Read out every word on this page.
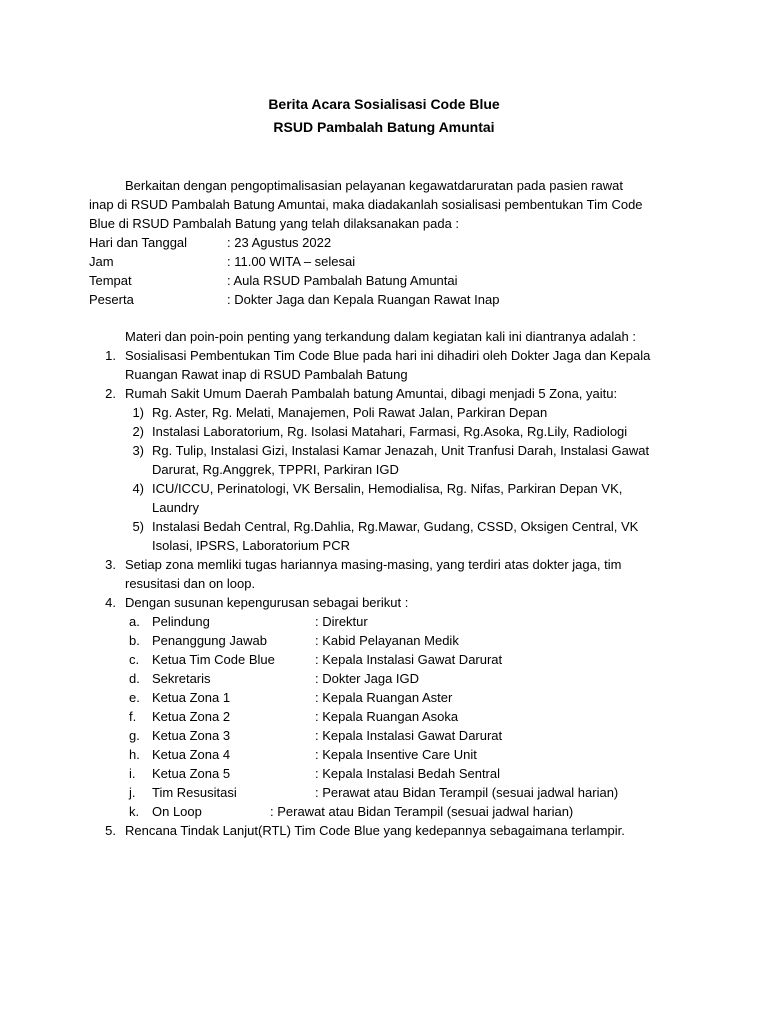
Berita Acara Sosialisasi Code Blue
RSUD Pambalah Batung Amuntai
Berkaitan dengan pengoptimalisasian pelayanan kegawatdaruratan pada pasien rawat
inap di RSUD Pambalah Batung Amuntai, maka diadakanlah sosialisasi pembentukan Tim Code
Blue di RSUD Pambalah Batung yang telah dilaksanakan pada :
Hari dan Tanggal	: 23 Agustus 2022
Jam	: 11.00 WITA – selesai
Tempat	: Aula RSUD Pambalah Batung Amuntai
Peserta	: Dokter Jaga dan Kepala Ruangan Rawat Inap
Materi dan poin-poin penting yang terkandung dalam kegiatan kali ini diantranya adalah :
1. Sosialisasi Pembentukan Tim Code Blue pada hari ini dihadiri oleh Dokter Jaga dan Kepala
Ruangan Rawat inap di RSUD Pambalah Batung
2. Rumah Sakit Umum Daerah Pambalah batung Amuntai, dibagi menjadi 5 Zona, yaitu:
1) Rg. Aster, Rg. Melati, Manajemen, Poli Rawat Jalan, Parkiran Depan
2) Instalasi Laboratorium, Rg. Isolasi Matahari, Farmasi, Rg.Asoka, Rg.Lily, Radiologi
3) Rg. Tulip, Instalasi Gizi, Instalasi Kamar Jenazah, Unit Tranfusi Darah, Instalasi Gawat
Darurat, Rg.Anggrek, TPPRI, Parkiran IGD
4) ICU/ICCU, Perinatologi, VK Bersalin, Hemodialisa, Rg. Nifas, Parkiran Depan VK,
Laundry
5) Instalasi Bedah Central, Rg.Dahlia, Rg.Mawar, Gudang, CSSD, Oksigen Central, VK
Isolasi, IPSRS, Laboratorium PCR
3. Setiap zona memliki tugas hariannya masing-masing, yang terdiri atas dokter jaga, tim
resusitasi dan on loop.
4. Dengan susunan kepengurusan sebagai berikut :
a. Pelindung	: Direktur
b. Penanggung Jawab	: Kabid Pelayanan Medik
c. Ketua Tim Code Blue	: Kepala Instalasi Gawat Darurat
d. Sekretaris	: Dokter Jaga IGD
e. Ketua Zona 1	: Kepala Ruangan Aster
f. Ketua Zona 2	: Kepala Ruangan Asoka
g. Ketua Zona 3	: Kepala Instalasi Gawat Darurat
h. Ketua Zona 4	: Kepala Insentive Care Unit
i. Ketua Zona 5	: Kepala Instalasi Bedah Sentral
j. Tim Resusitasi	: Perawat atau Bidan Terampil (sesuai jadwal harian)
k. On Loop	: Perawat atau Bidan Terampil (sesuai jadwal harian)
5. Rencana Tindak Lanjut(RTL) Tim Code Blue yang kedepannya sebagaimana terlampir.
